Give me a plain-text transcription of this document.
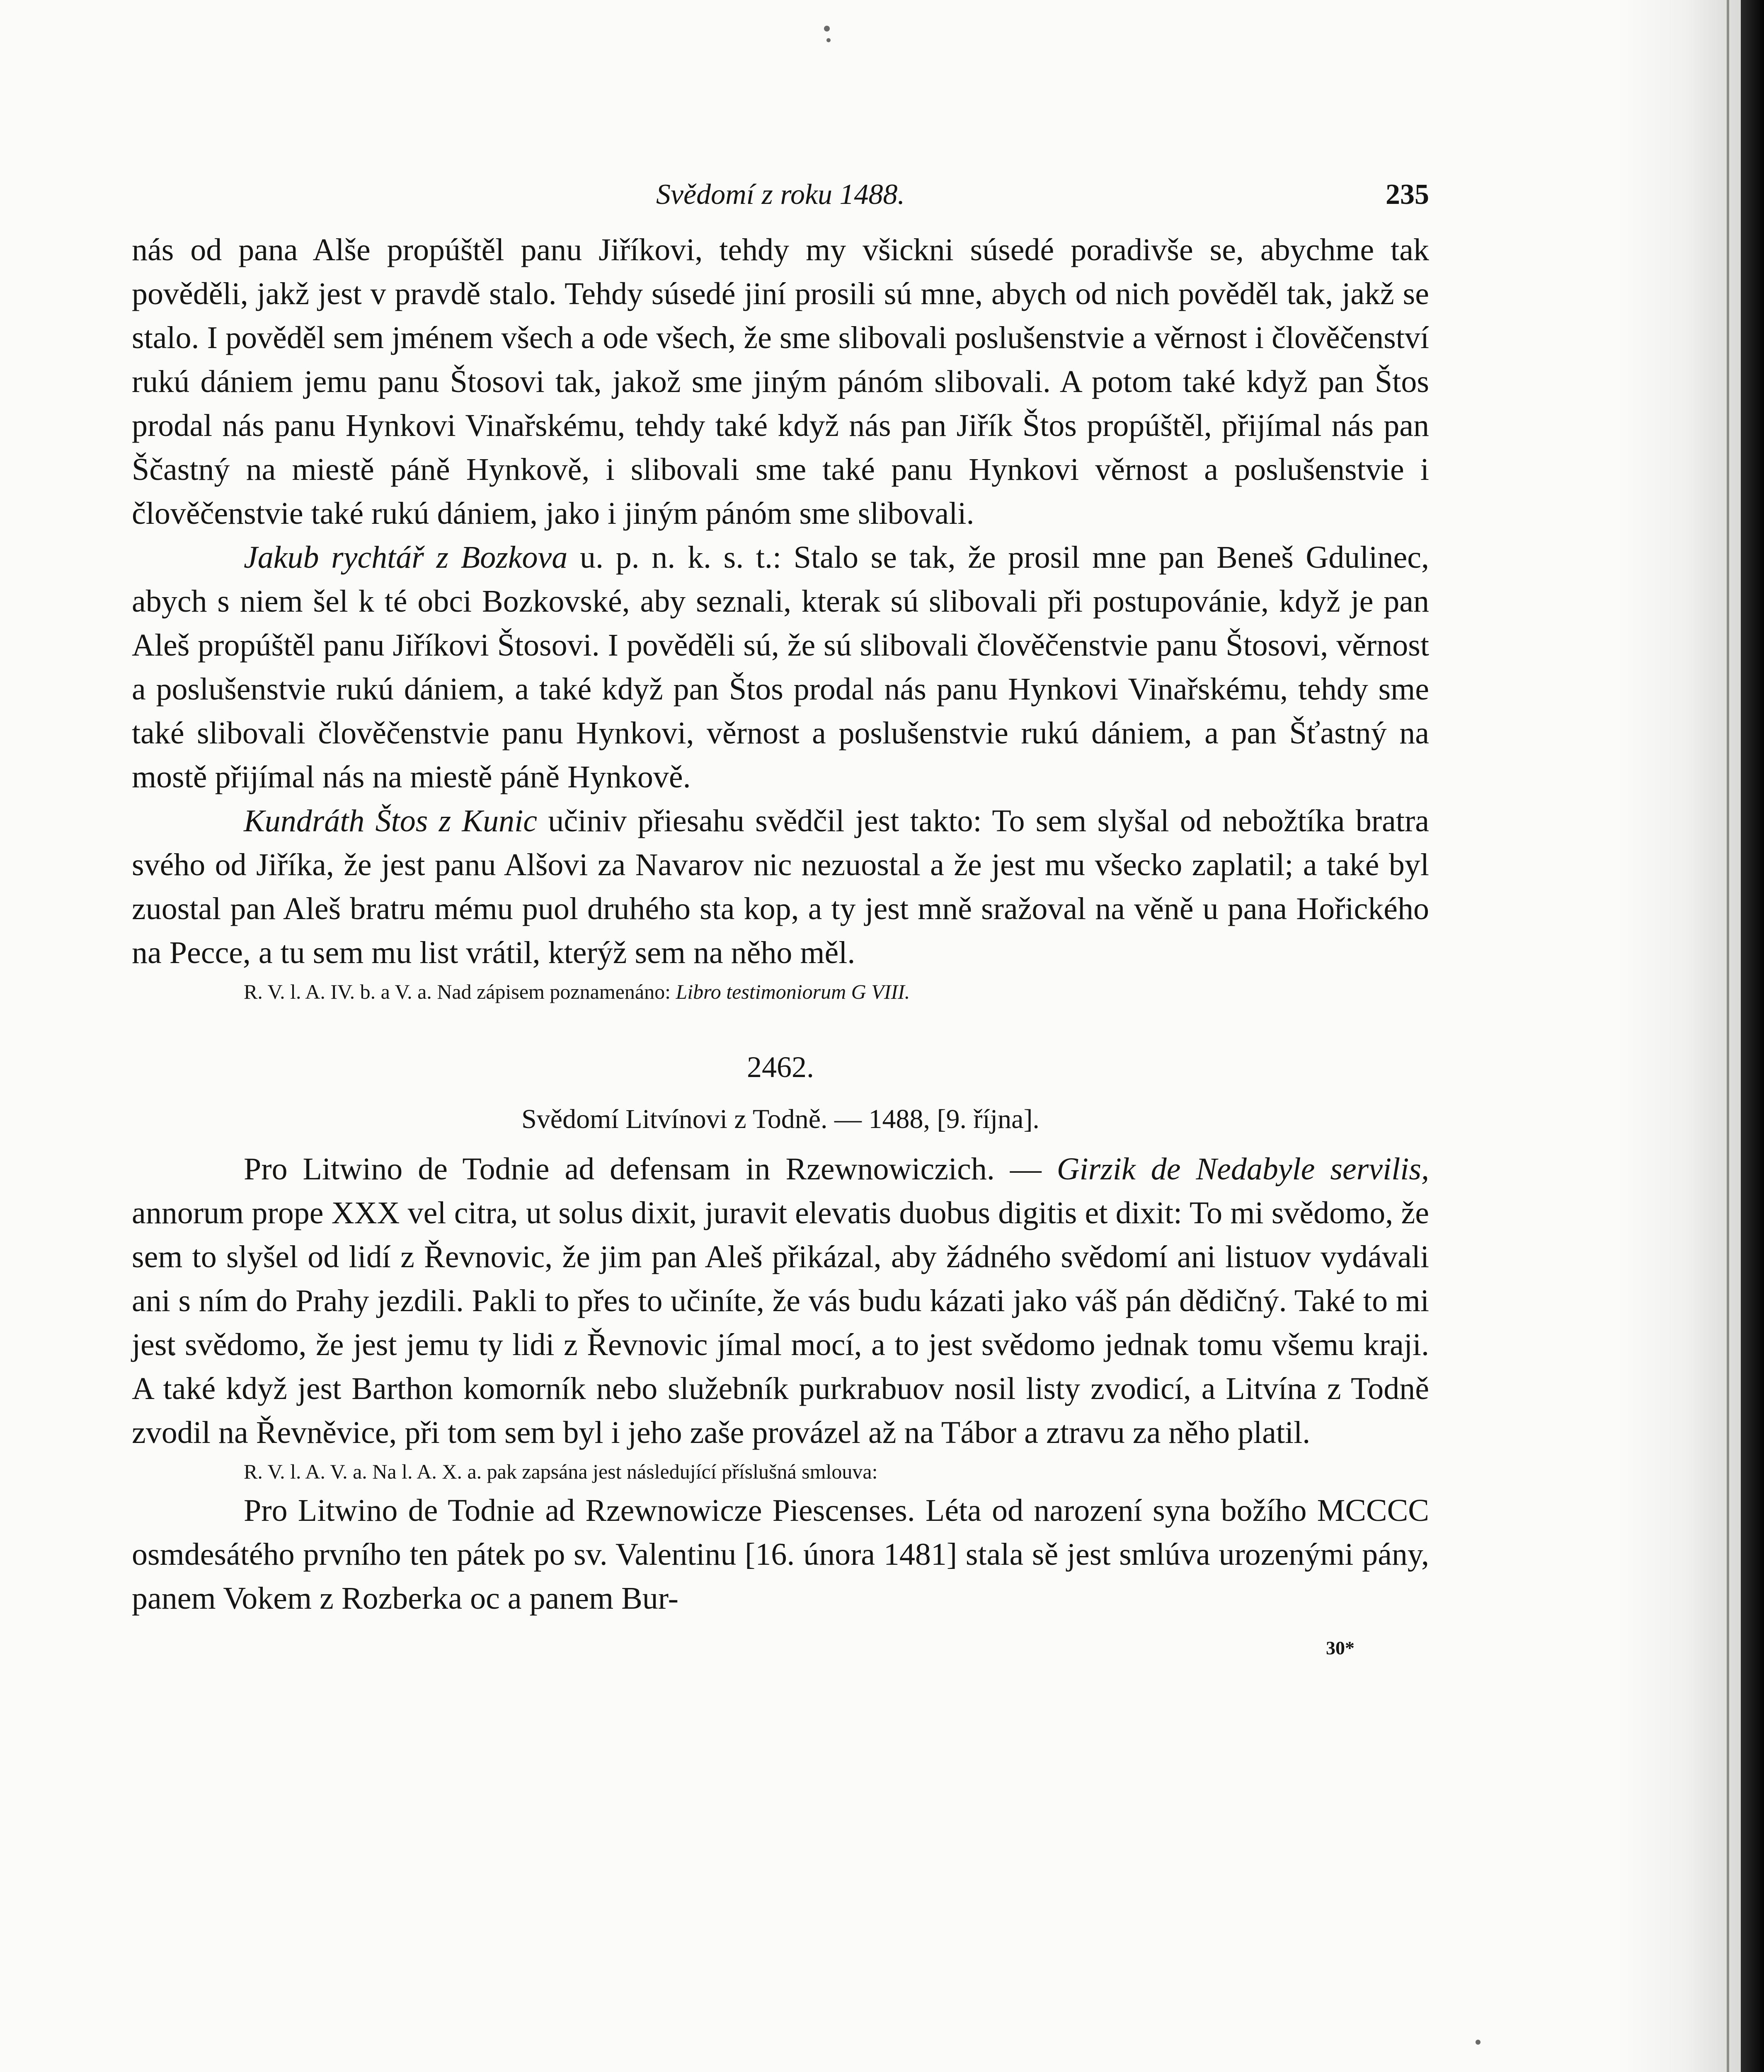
Svědomí z roku 1488.	235

nás od pana Alše propúštěl panu Jiříkovi, tehdy my všickni súsedé poradivše se, abychme tak pověděli, jakž jest v pravdě stalo. Tehdy súsedé jiní prosili sú mne, abych od nich pověděl tak, jakž se stalo. I pověděl sem jménem všech a ode všech, že sme slibovali poslušenstvie a věrnost i člověčenství rukú dániem jemu panu Štosovi tak, jakož sme jiným pánóm slibovali. A potom také když pan Štos prodal nás panu Hynkovi Vinařskému, tehdy také když nás pan Jiřík Štos propúštěl, přijímal nás pan Ščastný na miestě páně Hynkově, i slibovali sme také panu Hynkovi věrnost a poslušenstvie i člověčenstvie také rukú dániem, jako i jiným pánóm sme slibovali.

Jakub rychtář z Bozkova u. p. n. k. s. t.: Stalo se tak, že prosil mne pan Beneš Gdulinec, abych s niem šel k té obci Bozkovské, aby seznali, kterak sú slibovali při postupovánie, když je pan Aleš propúštěl panu Jiříkovi Štosovi. I pověděli sú, že sú slibovali člověčenstvie panu Štosovi, věrnost a poslušenstvie rukú dániem, a také když pan Štos prodal nás panu Hynkovi Vinařskému, tehdy sme také slibovali člověčenstvie panu Hynkovi, věrnost a poslušenstvie rukú dániem, a pan Šťastný na mostě přijímal nás na miestě páně Hynkově.

Kundráth Štos z Kunic učiniv přiesahu svědčil jest takto: To sem slyšal od nebožtíka bratra svého od Jiříka, že jest panu Alšovi za Navarov nic nezuostal a že jest mu všecko zaplatil; a také byl zuostal pan Aleš bratru mému puol druhého sta kop, a ty jest mně sražoval na věně u pana Hořického na Pecce, a tu sem mu list vrátil, kterýž sem na něho měl.

R. V. l. A. IV. b. a V. a. Nad zápisem poznamenáno: Libro testimoniorum G VIII.

2462.
Svědomí Litvínovi z Todně. — 1488, [9. října].

Pro Litwino de Todnie ad defensam in Rzewnowiczich. — Girzik de Nedabyle servilis, annorum prope XXX vel citra, ut solus dixit, juravit elevatis duobus digitis et dixit: To mi svědomo, že sem to slyšel od lidí z Řevnovic, že jim pan Aleš přikázal, aby žádného svědomí ani listuov vydávali ani s ním do Prahy jezdili. Pakli to přes to učiníte, že vás budu kázati jako váš pán dědičný. Také to mi jest svědomo, že jest jemu ty lidi z Řevnovic jímal mocí, a to jest svědomo jednak tomu všemu kraji. A také když jest Barthon komorník nebo služebník purkrabuov nosil listy zvodicí, a Litvína z Todně zvodil na Řevněvice, při tom sem byl i jeho zaše provázel až na Tábor a ztravu za něho platil.

R. V. l. A. V. a. Na l. A. X. a. pak zapsána jest následující příslušná smlouva:

Pro Litwino de Todnie ad Rzewnowicze Piescenses. Léta od narození syna božího MCCCC osmdesátého prvního ten pátek po sv. Valentinu [16. února 1481] stala sě jest smlúva urozenými pány, panem Vokem z Rozberka oc a panem Bur-

30*
